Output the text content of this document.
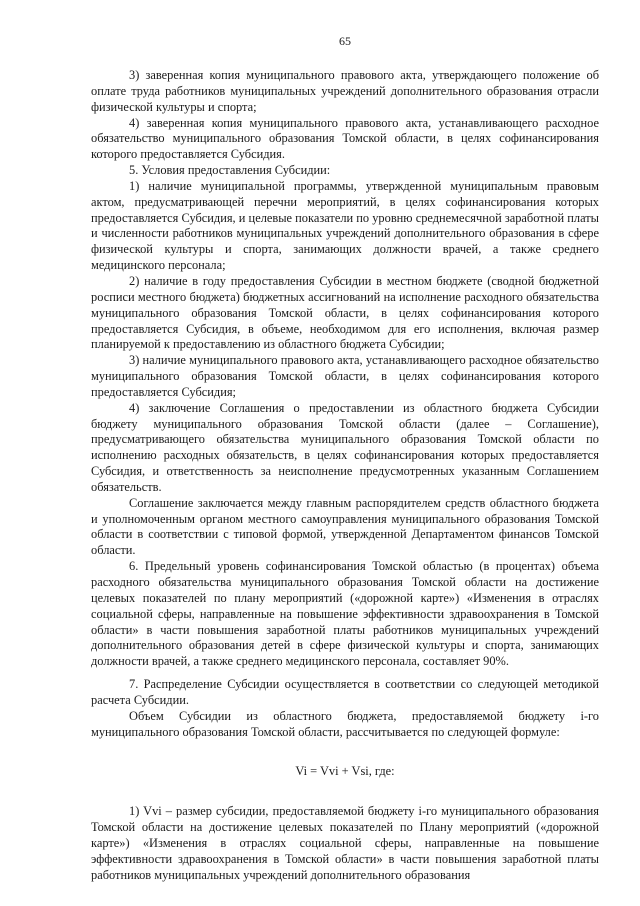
65

3) заверенная копия муниципального правового акта, утверждающего положение об оплате труда работников муниципальных учреждений дополнительного образования отрасли физической культуры и спорта;

4) заверенная копия муниципального правового акта, устанавливающего расходное обязательство муниципального образования Томской области, в целях софинансирования которого предоставляется Субсидия.

5. Условия предоставления Субсидии:

1) наличие муниципальной программы, утвержденной муниципальным правовым актом, предусматривающей перечни мероприятий, в целях софинансирования которых предоставляется Субсидия, и целевые показатели по уровню среднемесячной заработной платы и численности работников муниципальных учреждений дополнительного образования в сфере физической культуры и спорта, занимающих должности врачей, а также среднего медицинского персонала;

2) наличие в году предоставления Субсидии в местном бюджете (сводной бюджетной росписи местного бюджета) бюджетных ассигнований на исполнение расходного обязательства муниципального образования Томской области, в целях софинансирования которого предоставляется Субсидия, в объеме, необходимом для его исполнения, включая размер планируемой к предоставлению из областного бюджета Субсидии;

3) наличие муниципального правового акта, устанавливающего расходное обязательство муниципального образования Томской области, в целях софинансирования которого предоставляется Субсидия;

4) заключение Соглашения о предоставлении из областного бюджета Субсидии бюджету муниципального образования Томской области (далее – Соглашение), предусматривающего обязательства муниципального образования Томской области по исполнению расходных обязательств, в целях софинансирования которых предоставляется Субсидия, и ответственность за неисполнение предусмотренных указанным Соглашением обязательств.

Соглашение заключается между главным распорядителем средств областного бюджета и уполномоченным органом местного самоуправления муниципального образования Томской области в соответствии с типовой формой, утвержденной Департаментом финансов Томской области.

6. Предельный уровень софинансирования Томской областью (в процентах) объема расходного обязательства муниципального образования Томской области на достижение целевых показателей по плану мероприятий («дорожной карте») «Изменения в отраслях социальной сферы, направленные на повышение эффективности здравоохранения в Томской области» в части повышения заработной платы работников муниципальных учреждений дополнительного образования детей в сфере физической культуры и спорта, занимающих должности врачей, а также среднего медицинского персонала, составляет 90%.

7. Распределение Субсидии осуществляется в соответствии со следующей методикой расчета Субсидии.

Объем Субсидии из областного бюджета, предоставляемой бюджету i-го муниципального образования Томской области, рассчитывается по следующей формуле:

Vi = Vvi + Vsi, где:

1) Vvi – размер субсидии, предоставляемой бюджету i-го муниципального образования Томской области на достижение целевых показателей по Плану мероприятий («дорожной карте») «Изменения в отраслях социальной сферы, направленные на повышение эффективности здравоохранения в Томской области» в части повышения заработной платы работников муниципальных учреждений дополнительного образования
